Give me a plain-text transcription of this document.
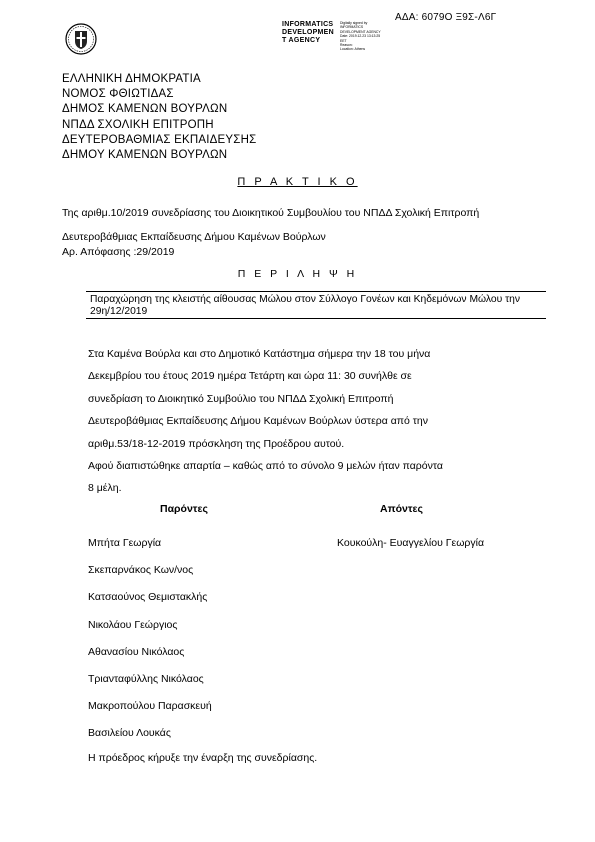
ΑΔΑ: 6079Ο Ξ9Σ-Λ6Γ
INFORMATICS
DEVELOPMEN
T AGENCY
Digitally signed by
INFORMATICS
DEVELOPMENT AGENCY
Date: 2019.12.23 13:13:25
EET
Reason:
Location: Athens
ΕΛΛΗΝΙΚΗ ΔΗΜΟΚΡΑΤΙΑ
ΝΟΜΟΣ ΦΘΙΩΤΙΔΑΣ
ΔΗΜΟΣ ΚΑΜΕΝΩΝ ΒΟΥΡΛΩΝ
ΝΠΔΔ ΣΧΟΛΙΚΗ ΕΠΙΤΡΟΠΗ
ΔΕΥΤΕΡΟΒΑΘΜΙΑΣ ΕΚΠΑΙΔΕΥΣΗΣ
ΔΗΜΟΥ ΚΑΜΕΝΩΝ ΒΟΥΡΛΩΝ
Π Ρ Α Κ Τ Ι Κ Ο
Της αριθμ.10/2019 συνεδρίασης του Διοικητικού Συμβουλίου του ΝΠΔΔ Σχολική Επιτροπή Δευτεροβάθμιας Εκπαίδευσης Δήμου Καμένων Βούρλων
Αρ. Απόφασης :29/2019
Π Ε Ρ Ι Λ Η Ψ Η
Παραχώρηση της κλειστής αίθουσας Μώλου στον Σύλλογο Γονέων και Κηδεμόνων Μώλου την 29η/12/2019
Στα Καμένα Βούρλα και στο Δημοτικό Κατάστημα σήμερα την 18 του μήνα
Δεκεμβρίου του έτους 2019 ημέρα Τετάρτη και ώρα 11: 30 συνήλθε σε
συνεδρίαση το Διοικητικό Συμβούλιο του ΝΠΔΔ Σχολική Επιτροπή
Δευτεροβάθμιας Εκπαίδευσης Δήμου Καμένων Βούρλων ύστερα από την
αριθμ.53/18-12-2019 πρόσκληση της Προέδρου αυτού.
Αφού διαπιστώθηκε απαρτία – καθώς από το σύνολο 9 μελών ήταν παρόντα
8 μέλη.
Παρόντες	Απόντες
Μπήτα Γεωργία
Σκεπαρνάκος Κων/νος
Κατσαούνος Θεμιστακλής
Νικολάου Γεώργιος
Αθανασίου Νικόλαος
Τριανταφύλλης Νικόλαος
Μακροπούλου Παρασκευή
Βασιλείου Λουκάς
Κουκούλη- Ευαγγελίου Γεωργία
Η πρόεδρος κήρυξε την έναρξη της συνεδρίασης.
